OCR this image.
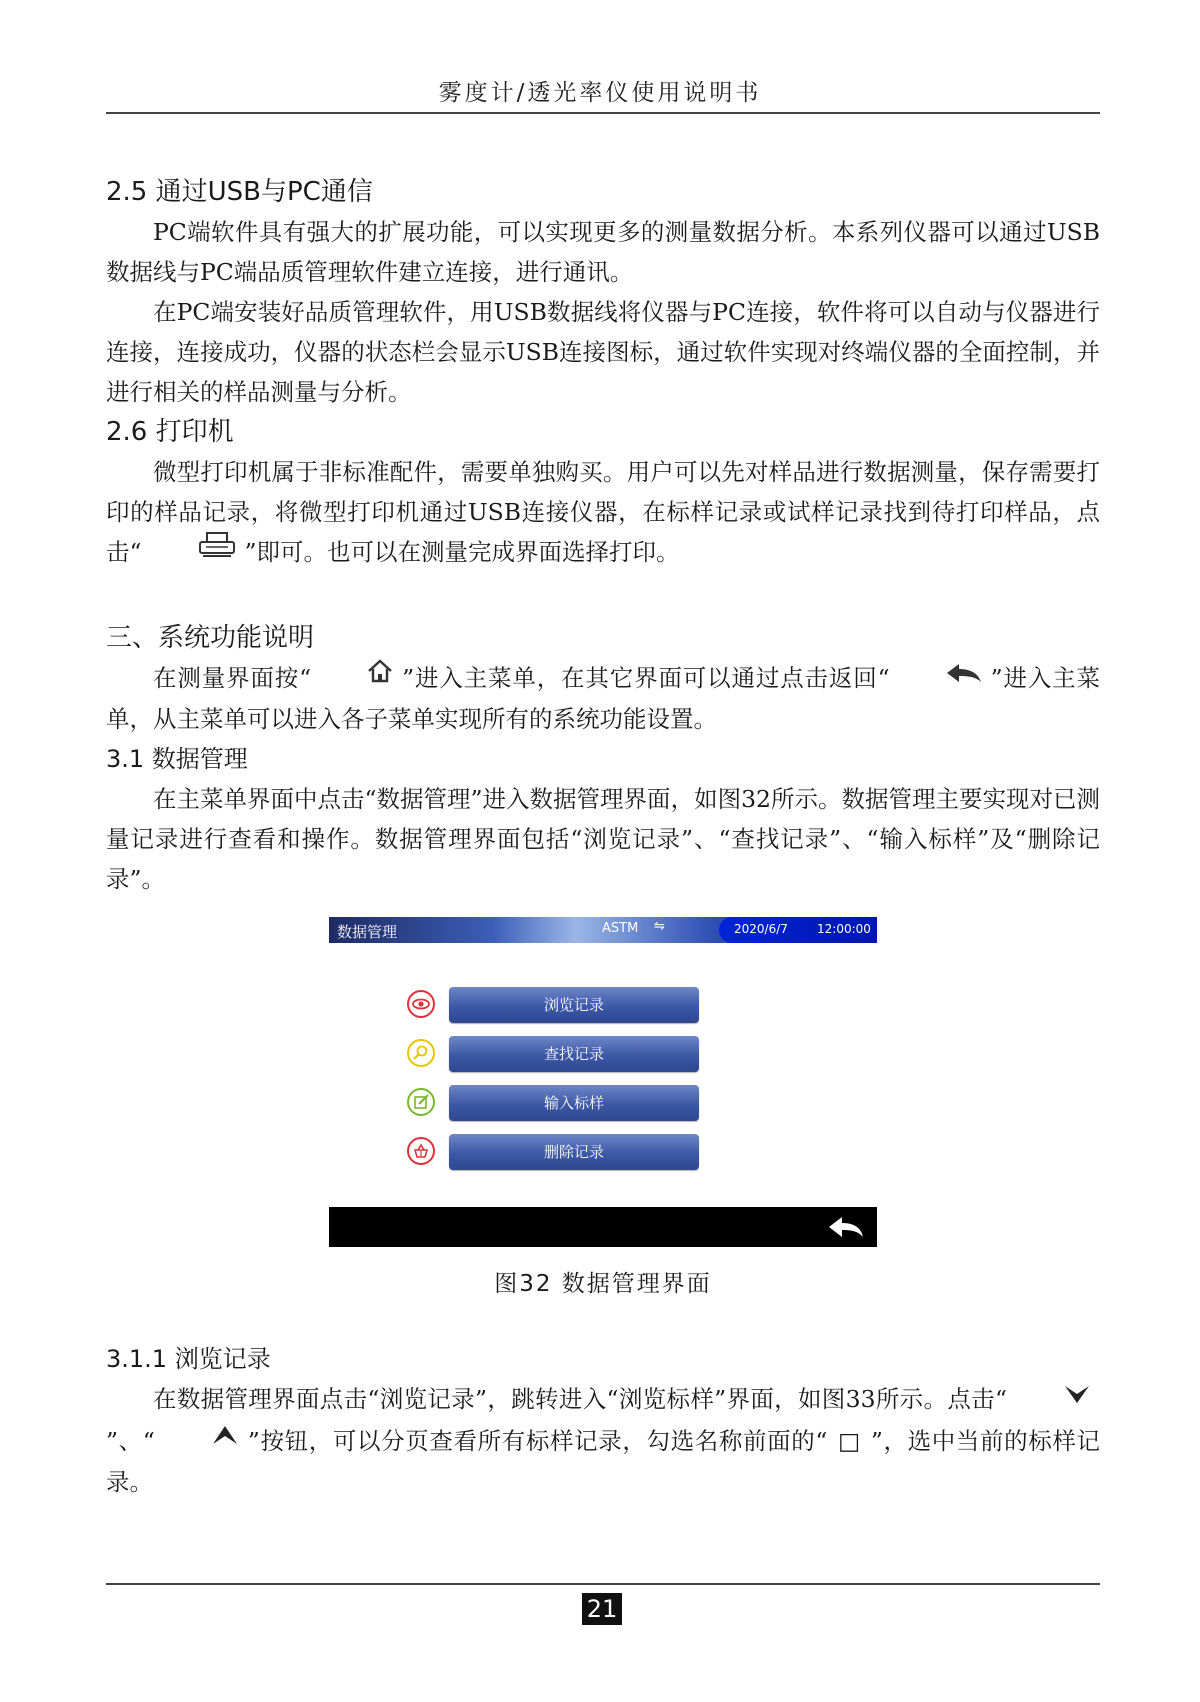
雾度计/透光率仪使用说明书
2.5 通过USB与PC通信

PC端软件具有强大的扩展功能，可以实现更多的测量数据分析。本系列仪器可以通过USB数据线与PC端品质管理软件建立连接，进行通讯。

在PC端安装好品质管理软件，用USB数据线将仪器与PC连接，软件将可以自动与仪器进行连接，连接成功，仪器的状态栏会显示USB连接图标，通过软件实现对终端仪器的全面控制，并进行相关的样品测量与分析。

2.6 打印机

微型打印机属于非标准配件，需要单独购买。用户可以先对样品进行数据测量，保存需要打印的样品记录，将微型打印机通过USB连接仪器，在标样记录或试样记录找到待打印样品，点击“	”即可。也可以在测量完成界面选择打印。

三、系统功能说明

在测量界面按“	”进入主菜单，在其它界面可以通过点击返回“	”进入主菜单，从主菜单可以进入各子菜单实现所有的系统功能设置。

3.1 数据管理

在主菜单界面中点击“数据管理”进入数据管理界面，如图32所示。数据管理主要实现对已测量记录进行查看和操作。数据管理界面包括“浏览记录”、“查找记录”、“输入标样”及“删除记录”。

数据管理	ASTM ⇋	2020/6/7 12:00:00
浏览记录
查找记录
输入标样
删除记录
图32 数据管理界面
3.1.1 浏览记录

在数据管理界面点击“浏览记录”，跳转进入“浏览标样”界面，如图33所示。点击“”、“	”按钮，可以分页查看所有标样记录，勾选名称前面的“ □ ”，选中当前的标样记录。

21
